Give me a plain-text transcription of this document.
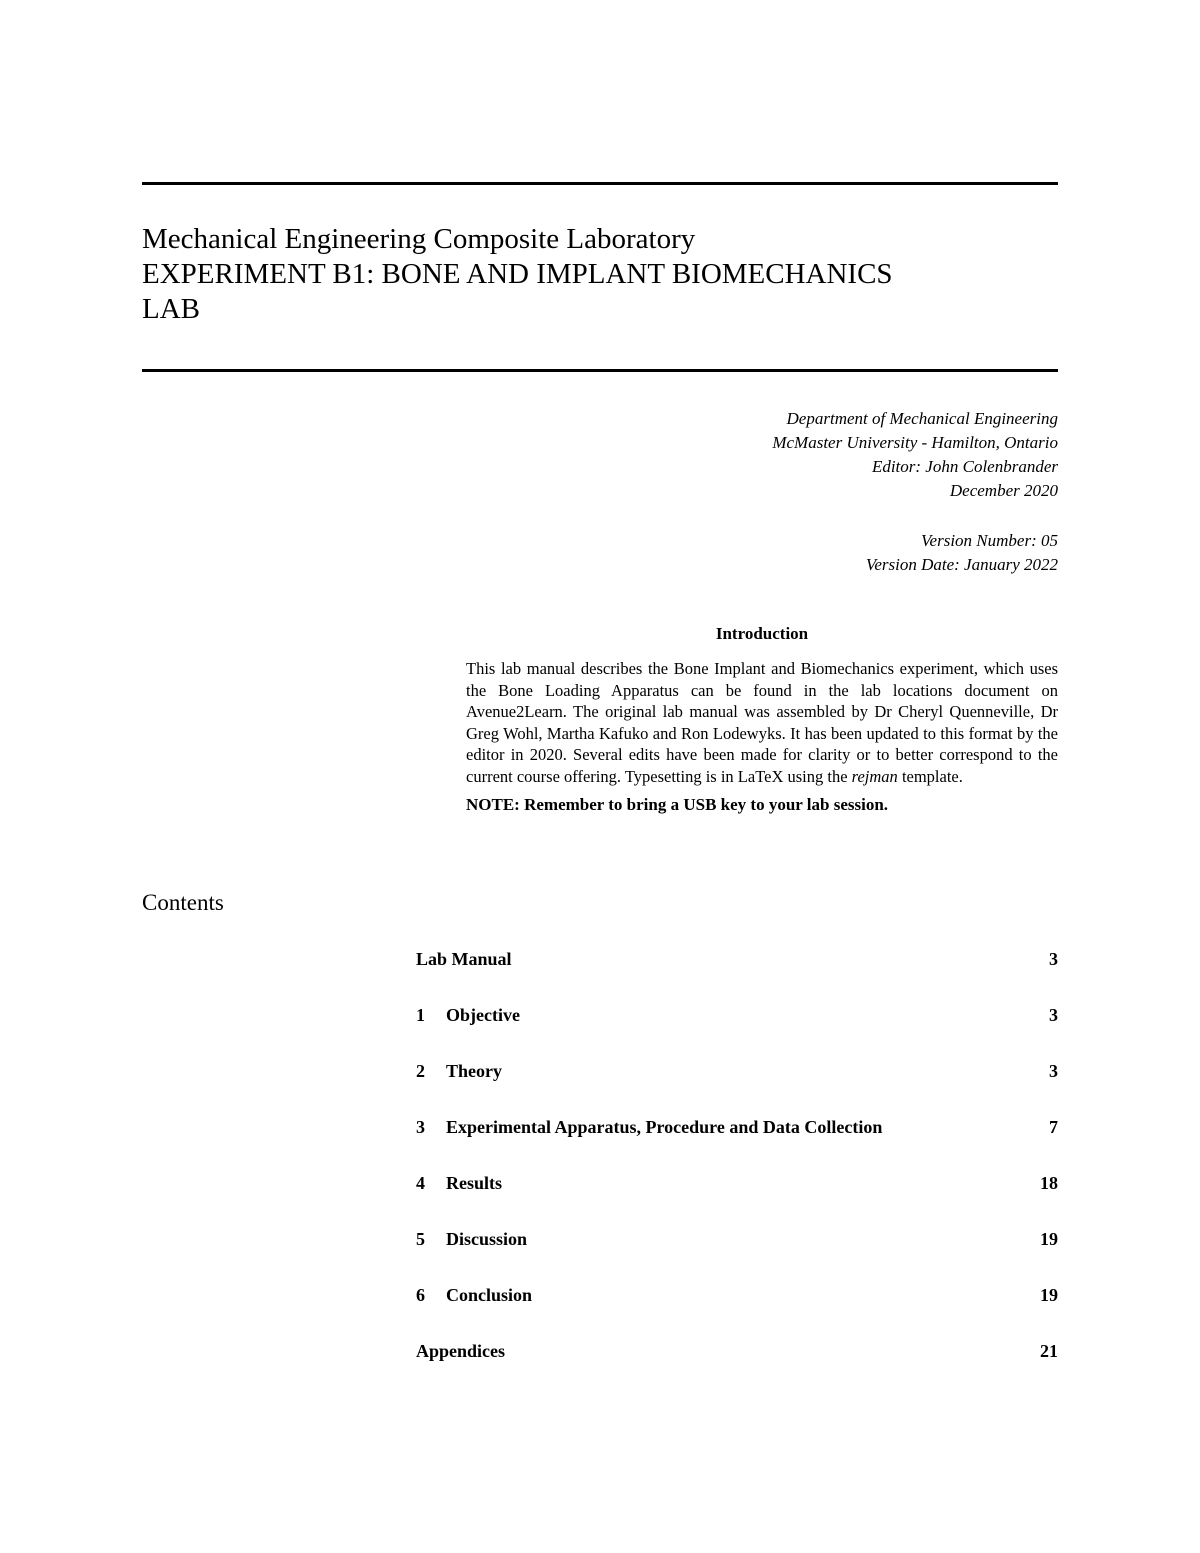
Mechanical Engineering Composite Laboratory
EXPERIMENT B1: BONE AND IMPLANT BIOMECHANICS
LAB
Department of Mechanical Engineering
McMaster University - Hamilton, Ontario
Editor: John Colenbrander
December 2020
Version Number: 05
Version Date: January 2022
Introduction
This lab manual describes the Bone Implant and Biomechanics experiment, which uses the Bone Loading Apparatus can be found in the lab locations document on Avenue2Learn. The original lab manual was assembled by Dr Cheryl Quenneville, Dr Greg Wohl, Martha Kafuko and Ron Lodewyks. It has been updated to this format by the editor in 2020. Several edits have been made for clarity or to better correspond to the current course offering. Typesetting is in LaTeX using the rejman template.
NOTE: Remember to bring a USB key to your lab session.
Contents
Lab Manual	3
1 Objective	3
2 Theory	3
3 Experimental Apparatus, Procedure and Data Collection	7
4 Results	18
5 Discussion	19
6 Conclusion	19
Appendices	21
